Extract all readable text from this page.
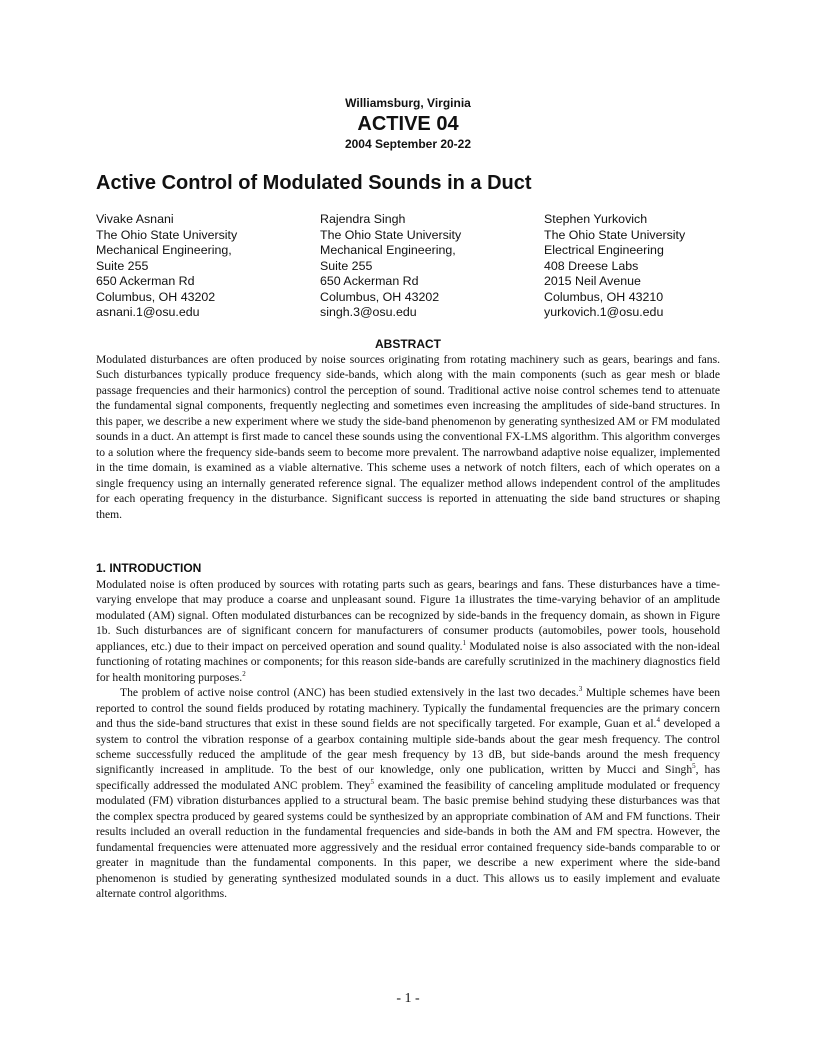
Williamsburg, Virginia
ACTIVE 04
2004 September 20-22
Active Control of Modulated Sounds in a Duct
Vivake Asnani
The Ohio State University
Mechanical Engineering,
Suite 255
650 Ackerman Rd
Columbus, OH 43202
asnani.1@osu.edu
Rajendra Singh
The Ohio State University
Mechanical Engineering,
Suite 255
650 Ackerman Rd
Columbus, OH 43202
singh.3@osu.edu
Stephen Yurkovich
The Ohio State University
Electrical Engineering
408 Dreese Labs
2015 Neil Avenue
Columbus, OH 43210
yurkovich.1@osu.edu
ABSTRACT

Modulated disturbances are often produced by noise sources originating from rotating machinery such as gears, bearings and fans. Such disturbances typically produce frequency side-bands, which along with the main components (such as gear mesh or blade passage frequencies and their harmonics) control the perception of sound. Traditional active noise control schemes tend to attenuate the fundamental signal components, frequently neglecting and sometimes even increasing the amplitudes of side-band structures. In this paper, we describe a new experiment where we study the side-band phenomenon by generating synthesized AM or FM modulated sounds in a duct. An attempt is first made to cancel these sounds using the conventional FX-LMS algorithm. This algorithm converges to a solution where the frequency side-bands seem to become more prevalent. The narrowband adaptive noise equalizer, implemented in the time domain, is examined as a viable alternative. This scheme uses a network of notch filters, each of which operates on a single frequency using an internally generated reference signal. The equalizer method allows independent control of the amplitudes for each operating frequency in the disturbance. Significant success is reported in attenuating the side band structures or shaping them.

1. INTRODUCTION

Modulated noise is often produced by sources with rotating parts such as gears, bearings and fans. These disturbances have a time-varying envelope that may produce a coarse and unpleasant sound. Figure 1a illustrates the time-varying behavior of an amplitude modulated (AM) signal. Often modulated disturbances can be recognized by side-bands in the frequency domain, as shown in Figure 1b. Such disturbances are of significant concern for manufacturers of consumer products (automobiles, power tools, household appliances, etc.) due to their impact on perceived operation and sound quality.$^1$ Modulated noise is also associated with the non-ideal functioning of rotating machines or components; for this reason side-bands are carefully scrutinized in the machinery diagnostics field for health monitoring purposes.$^2$

The problem of active noise control (ANC) has been studied extensively in the last two decades.$^3$ Multiple schemes have been reported to control the sound fields produced by rotating machinery. Typically the fundamental frequencies are the primary concern and thus the side-band structures that exist in these sound fields are not specifically targeted. For example, Guan et al.$^4$ developed a system to control the vibration response of a gearbox containing multiple side-bands about the gear mesh frequency. The control scheme successfully reduced the amplitude of the gear mesh frequency by 13 dB, but side-bands around the mesh frequency significantly increased in amplitude. To the best of our knowledge, only one publication, written by Mucci and Singh$^5$, has specifically addressed the modulated ANC problem. They$^5$ examined the feasibility of canceling amplitude modulated or frequency modulated (FM) vibration disturbances applied to a structural beam. The basic premise behind studying these disturbances was that the complex spectra produced by geared systems could be synthesized by an appropriate combination of AM and FM functions. Their results included an overall reduction in the fundamental frequencies and side-bands in both the AM and FM spectra. However, the fundamental frequencies were attenuated more aggressively and the residual error contained frequency side-bands comparable to or greater in magnitude than the fundamental components. In this paper, we describe a new experiment where the side-band phenomenon is studied by generating synthesized modulated sounds in a duct. This allows us to easily implement and evaluate alternate control algorithms.

- 1 -
